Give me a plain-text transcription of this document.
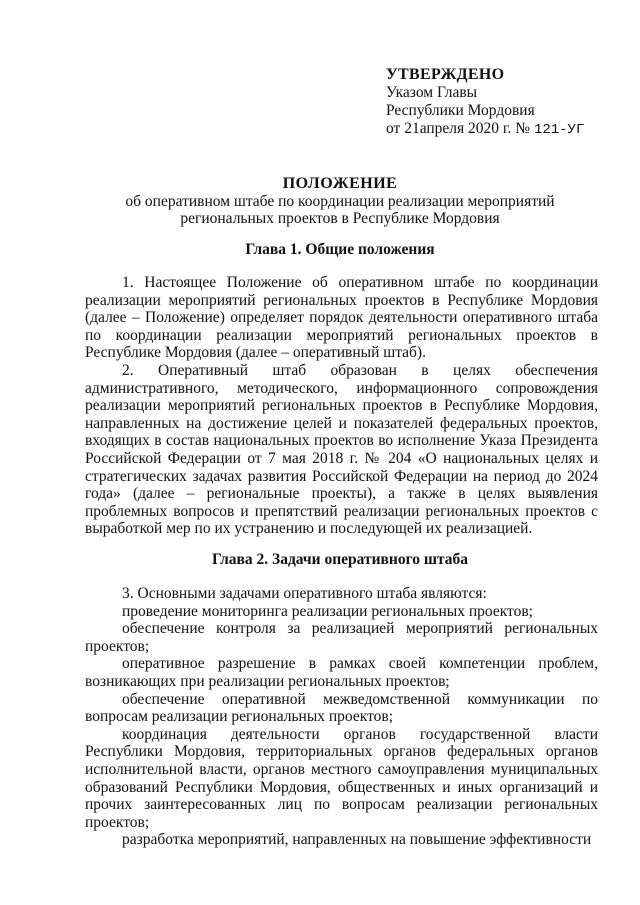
УТВЕРЖДЕНО
Указом Главы
Республики Мордовия
от 21апреля 2020 г. № 121-УГ
ПОЛОЖЕНИЕ
об оперативном штабе по координации реализации мероприятий
региональных проектов в Республике Мордовия
Глава 1. Общие положения

1. Настоящее Положение об оперативном штабе по координации реализации мероприятий региональных проектов в Республике Мордовия (далее – Положение) определяет порядок деятельности оперативного штаба по координации реализации мероприятий региональных проектов в Республике Мордовия (далее – оперативный штаб).

2. Оперативный штаб образован в целях обеспечения административного, методического, информационного сопровождения реализации мероприятий региональных проектов в Республике Мордовия, направленных на достижение целей и показателей федеральных проектов, входящих в состав национальных проектов во исполнение Указа Президента Российской Федерации от 7 мая 2018 г. № 204 «О национальных целях и стратегических задачах развития Российской Федерации на период до 2024 года» (далее – региональные проекты), а также в целях выявления проблемных вопросов и препятствий реализации региональных проектов с выработкой мер по их устранению и последующей их реализацией.

Глава 2. Задачи оперативного штаба

3. Основными задачами оперативного штаба являются:

проведение мониторинга реализации региональных проектов;

обеспечение контроля за реализацией мероприятий региональных проектов;

оперативное разрешение в рамках своей компетенции проблем, возникающих при реализации региональных проектов;

обеспечение оперативной межведомственной коммуникации по вопросам реализации региональных проектов;

координация деятельности органов государственной власти Республики Мордовия, территориальных органов федеральных органов исполнительной власти, органов местного самоуправления муниципальных образований Республики Мордовия, общественных и иных организаций и прочих заинтересованных лиц по вопросам реализации региональных проектов;

разработка мероприятий, направленных на повышение эффективности
